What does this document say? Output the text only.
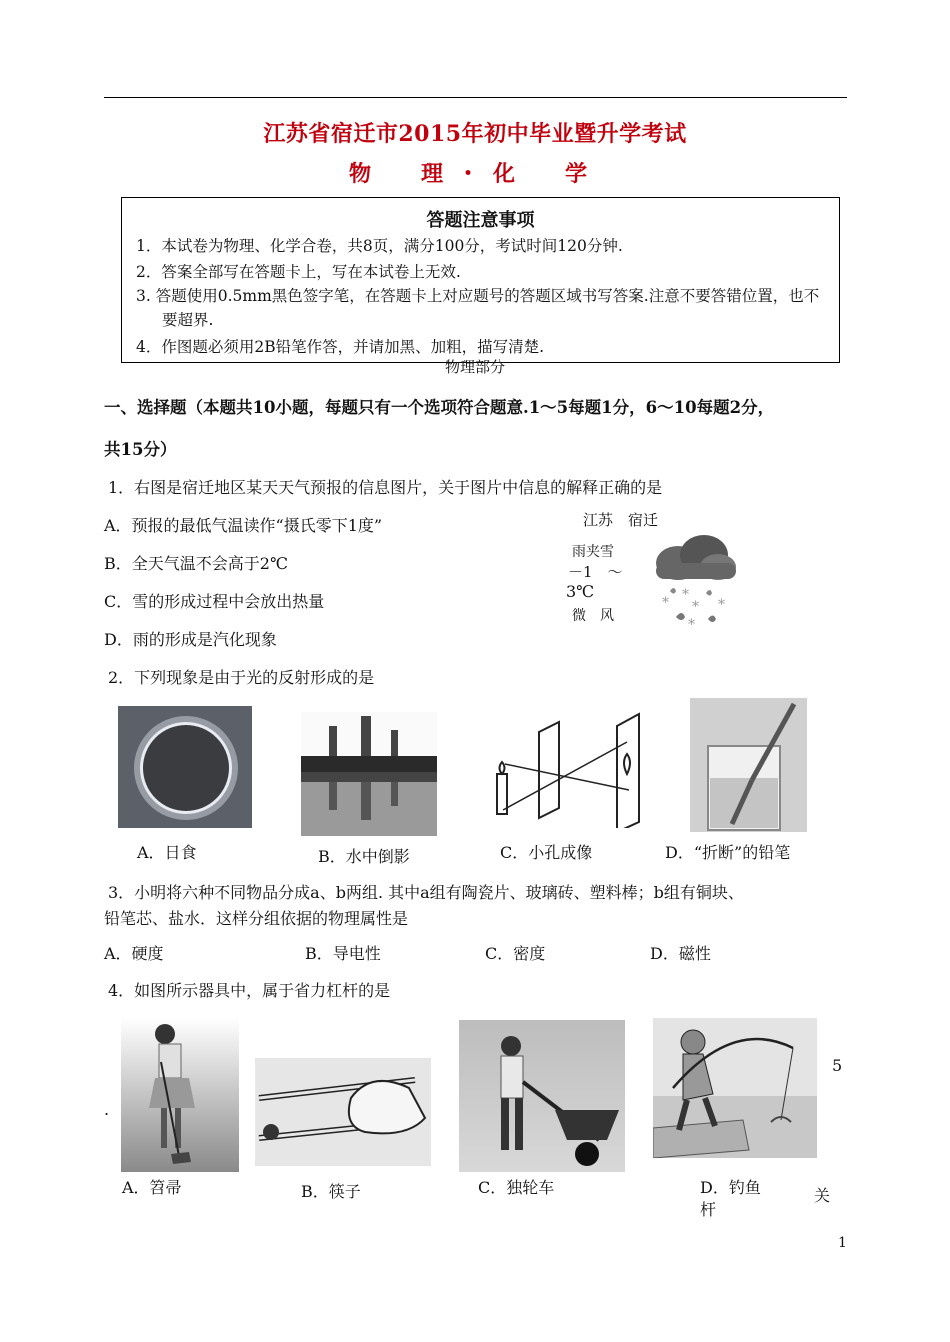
江苏省宿迁市2015年初中毕业暨升学考试
物　理・化　学
答题注意事项
1．本试卷为物理、化学合卷，共8页，满分100分，考试时间120分钟.
2．答案全部写在答题卡上，写在本试卷上无效.
3. 答题使用0.5mm黑色签字笔，在答题卡上对应题号的答题区域书写答案.注意不要答错位置，也不要超界.
4．作图题必须用2B铅笔作答，并请加黑、加粗，描写清楚.
物理部分
一、选择题（本题共10小题，每题只有一个选项符合题意.1～5每题1分，6～10每题2分，
共15分）
1．右图是宿迁地区某天天气预报的信息图片，关于图片中信息的解释正确的是
A．预报的最低气温读作“摄氏零下1度”
B．全天气温不会高于2℃
C．雪的形成过程中会放出热量
D．雨的形成是汽化现象
江苏　宿迁
雨夹雪
－1　～
3℃
微　风
*
*
*
*
*
2．下列现象是由于光的反射形成的是
A．日食	B．水中倒影	C．小孔成像	D．“折断”的铅笔
3．小明将六种不同物品分成a、b两组. 其中a组有陶瓷片、玻璃砖、塑料棒；b组有铜块、
铅笔芯、盐水．这样分组依据的物理属性是
A．硬度	B．导电性	C．密度	D．磁性
4．如图所示器具中，属于省力杠杆的是
A．笤帚	B．筷子	C．独轮车	D．钓鱼
杆
5
关
.
1
